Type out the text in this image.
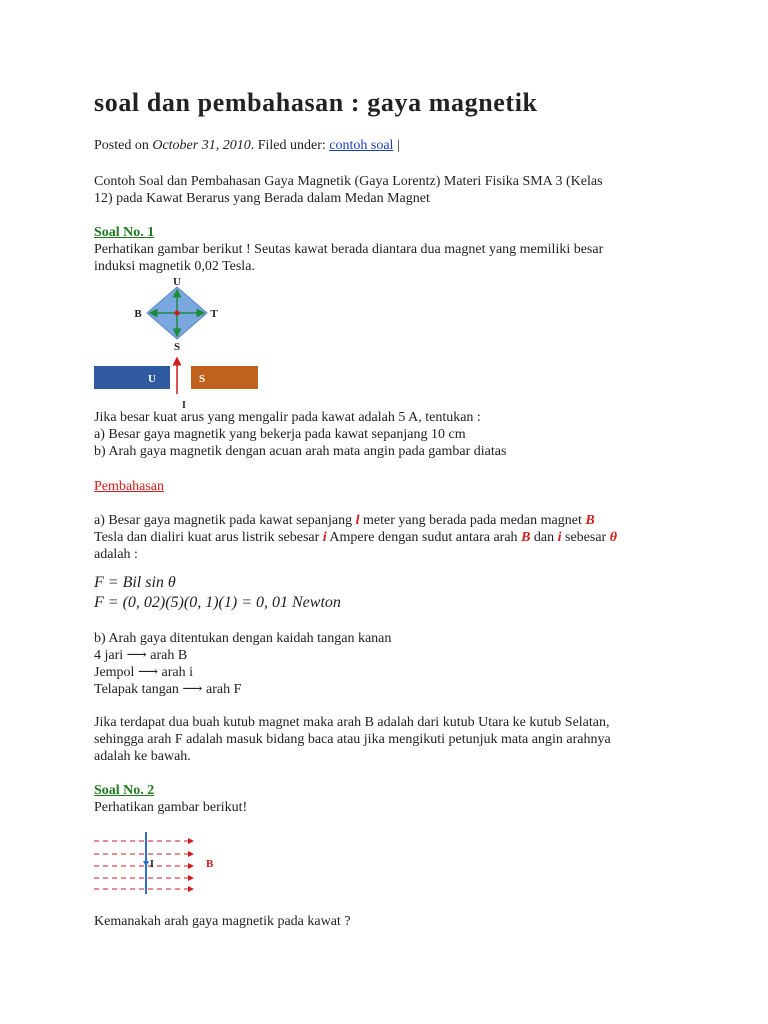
soal dan pembahasan : gaya magnetik
Posted on October 31, 2010. Filed under: contoh soal |
Contoh Soal dan Pembahasan Gaya Magnetik (Gaya Lorentz) Materi Fisika SMA 3 (Kelas
12) pada Kawat Berarus yang Berada dalam Medan Magnet
Soal No. 1
Perhatikan gambar berikut ! Seutas kawat berada diantara dua magnet yang memiliki besar
induksi magnetik 0,02 Tesla.
U
S
B	T
U	S
I
Jika besar kuat arus yang mengalir pada kawat adalah 5 A, tentukan :
a) Besar gaya magnetik yang bekerja pada kawat sepanjang 10 cm
b) Arah gaya magnetik dengan acuan arah mata angin pada gambar diatas
Pembahasan
a) Besar gaya magnetik pada kawat sepanjang l meter yang berada pada medan magnet B
Tesla dan dialiri kuat arus listrik sebesar i Ampere dengan sudut antara arah B dan i sebesar θ
adalah :
F = Bil sin θ
F = (0, 02)(5)(0, 1)(1) = 0, 01 Newton
b) Arah gaya ditentukan dengan kaidah tangan kanan
4 jari ⟶ arah B
Jempol ⟶ arah i
Telapak tangan ⟶ arah F
Jika terdapat dua buah kutub magnet maka arah B adalah dari kutub Utara ke kutub Selatan,
sehingga arah F adalah masuk bidang baca atau jika mengikuti petunjuk mata angin arahnya
adalah ke bawah.
Soal No. 2
Perhatikan gambar berikut!
I	B
Kemanakah arah gaya magnetik pada kawat ?
